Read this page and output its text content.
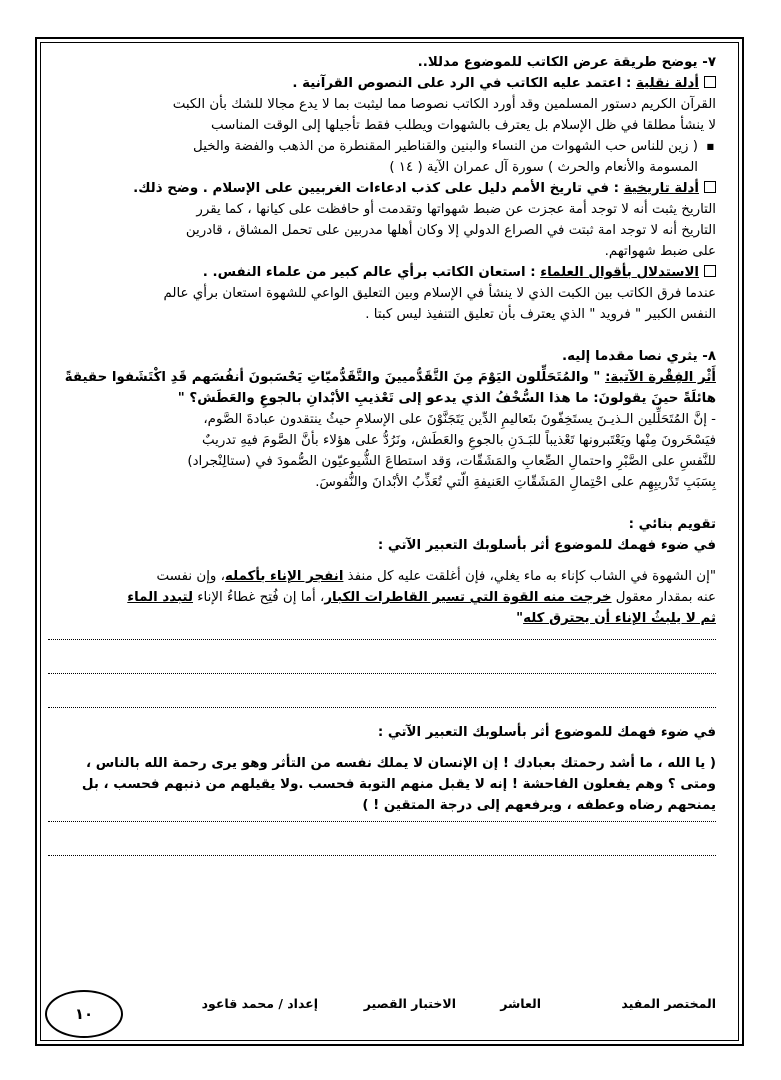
٧- يوضح طريقة عرض الكاتب للموضوع مدللا..

أدلة نقلية : اعتمد عليه الكاتب في الرد على النصوص القرآنية .

القرآن الكريم دستور المسلمين وقد أورد الكاتب نصوصا مما ليثبت بما لا يدع مجالا للشك بأن الكبت

لا ينشأ مطلقا في ظل الإسلام بل يعترف بالشهوات ويطلب فقط تأجيلها إلى الوقت المناسب

■ ( زين للناس حب الشهوات من النساء والبنين والقناطير المقنطرة من الذهب والفضة والخيل
المسومة والأنعام والحرث ) سورة آل عمران الآية ( ١٤ )

أدلة تاريخية : في تاريخ الأمم دليل على كذب ادعاءات الغربيين على الإسلام . وضح ذلك.

التاريخ يثبت أنه لا توجد أمة عجزت عن ضبط شهواتها وتقدمت أو حافظت على كيانها ، كما يقرر

التاريخ أنه لا توجد امة ثبتت في الصراع الدولي إلا وكان أهلها مدربين على تحمل المشاق ، قادرين

على ضبط شهواتهم.

الاستدلال بأقوال العلماء : استعان الكاتب برأي عالم كبير من علماء النفس. .

عندما فرق الكاتب بين الكبت الذي لا ينشأ في الإسلام وبين التعليق الواعي للشهوة استعان برأي عالم

النفس الكبير " فرويد " الذي يعترف بأن تعليق التنفيذ ليس كبتا .

٨- يثري نصا مقدما إليه.

أَثْر الفِقْرة الآتية: " والمُتَحَلِّلون اليَوْمَ مِنَ التَّقَدُّميينَ والتَّقَدُّميّاتِ يَحْسَبونَ أنفُسَهم قَدِ اكْتَشَفوا حقيقةً

هائلَةً حينَ يقولونَ: ما هذا السُّخْفُ الذي يدعو إلى تَعْذيبِ الأبْدانِ بالجوعِ والعَطَش؟ "

- إنَّ المُتَحَلِّلين الـذيـنَ يستَخِفّونَ بتَعاليمِ الدِّين يَتَجَنَّوْنَ على الإسلامِ حيثُ ينتقدون عبادةَ الصَّوم،

فيَسْخَرونَ مِنْها ويَعْتَبرونها تَعْذيباً للبَـدَنِ بالجوعِ والعَطَش، ونَرُدُّ على هؤلاء بأنَّ الصَّومَ فيهِ تدريبٌ

للنَّفسِ على الصَّبْرِ واحتمالِ الصِّعابِ والمَشَقّات، وَقد استطاعَ الشُّيوعيّون الصُّمودَ في (ستالِنْجراد)

بِسَبَبِ تَدْريبِهِم على احْتِمالِ المَشَقّاتِ العَنيفةِ الّتي تُعَذِّبُ الأبْدانَ والنُّفوسَ.

تقويم بنائي :

في ضوء فهمك للموضوع أثر بأسلوبك التعبير الآتي :

"إن الشهوة في الشاب كإناء به ماء يغلي، فإن أغلقت عليه كل منفذ انفجر الإناء بأكمله، وإن نفست

عنه بمقدار معقول خرجت منه القوة التي تسير القاطرات الكبار، أما إن فُتِح غطاءُ الإناء لتبدد الماء

ثم لا يلبثُ الإناء أن يحترق كله"

في ضوء فهمك للموضوع أثر بأسلوبك التعبير الآتي :

( يا الله ، ما أشد رحمتك بعبادك ! إن الإنسان لا يملك نفسه من التأثر وهو يرى رحمة الله بالناس ،

ومتى ؟ وهم يفعلون الفاحشة ! إنه لا يقبل منهم التوبة فحسب .ولا يقيلهم من ذنبهم فحسب ، بل

يمنحهم رضاه وعطفه ، ويرفعهم إلى درجة المتقين ! )

المختصر المفيد
العاشر
الاختبار القصير
إعداد / محمد قاعود
١٠
